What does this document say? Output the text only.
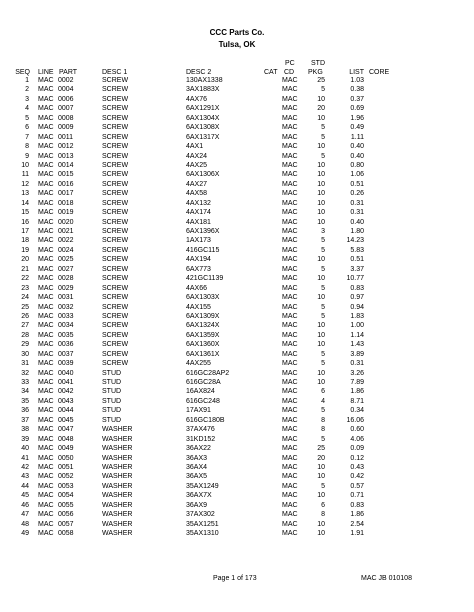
CCC Parts Co.
Tulsa, OK
PC STD
SEQ LINE PART	DESC 1	DESC 2	CAT CD PKG	LIST CORE
1 MAC 0002	SCREW	130AX1338	MAC	25	1.03
2 MAC 0004	SCREW	3AX1883X	MAC	5	0.38
3 MAC 0006	SCREW	4AX76	MAC	10	0.37
4 MAC 0007	SCREW	6AX1291X	MAC	20	0.69
5 MAC 0008	SCREW	6AX1304X	MAC	10	1.96
6 MAC 0009	SCREW	6AX1308X	MAC	5	0.49
7 MAC 0011	SCREW	6AX1317X	MAC	5	1.11
8 MAC 0012	SCREW	4AX1	MAC	10	0.40
9 MAC 0013	SCREW	4AX24	MAC	5	0.40
10 MAC 0014	SCREW	4AX25	MAC	10	0.80
11 MAC 0015	SCREW	6AX1306X	MAC	10	1.06
12 MAC 0016	SCREW	4AX27	MAC	10	0.51
13 MAC 0017	SCREW	4AX58	MAC	10	0.26
14 MAC 0018	SCREW	4AX132	MAC	10	0.31
15 MAC 0019	SCREW	4AX174	MAC	10	0.31
16 MAC 0020	SCREW	4AX181	MAC	10	0.40
17 MAC 0021	SCREW	6AX1396X	MAC	3	1.80
18 MAC 0022	SCREW	1AX173	MAC	5	14.23
19 MAC 0024	SCREW	416GC115	MAC	5	5.83
20 MAC 0025	SCREW	4AX194	MAC	10	0.51
21 MAC 0027	SCREW	6AX773	MAC	5	3.37
22 MAC 0028	SCREW	421GC1139	MAC	10	10.77
23 MAC 0029	SCREW	4AX66	MAC	5	0.83
24 MAC 0031	SCREW	6AX1303X	MAC	10	0.97
25 MAC 0032	SCREW	4AX155	MAC	5	0.94
26 MAC 0033	SCREW	6AX1309X	MAC	5	1.83
27 MAC 0034	SCREW	6AX1324X	MAC	10	1.00
28 MAC 0035	SCREW	6AX1359X	MAC	10	1.14
29 MAC 0036	SCREW	6AX1360X	MAC	10	1.43
30 MAC 0037	SCREW	6AX1361X	MAC	5	3.89
31 MAC 0039	SCREW	4AX255	MAC	5	0.31
32 MAC 0040	STUD	616GC28AP2	MAC	10	3.26
33 MAC 0041	STUD	616GC28A	MAC	10	7.89
34 MAC 0042	STUD	16AX824	MAC	6	1.86
35 MAC 0043	STUD	616GC248	MAC	4	8.71
36 MAC 0044	STUD	17AX91	MAC	5	0.34
37 MAC 0045	STUD	616GC180B	MAC	8	16.06
38 MAC 0047	WASHER	37AX476	MAC	8	0.60
39 MAC 0048	WASHER	31KD152	MAC	5	4.06
40 MAC 0049	WASHER	36AX22	MAC	25	0.09
41 MAC 0050	WASHER	36AX3	MAC	20	0.12
42 MAC 0051	WASHER	36AX4	MAC	10	0.43
43 MAC 0052	WASHER	36AX5	MAC	10	0.42
44 MAC 0053	WASHER	35AX1249	MAC	5	0.57
45 MAC 0054	WASHER	36AX7X	MAC	10	0.71
46 MAC 0055	WASHER	36AX9	MAC	6	0.83
47 MAC 0056	WASHER	37AX302	MAC	8	1.86
48 MAC 0057	WASHER	35AX1251	MAC	10	2.54
49 MAC 0058	WASHER	35AX1310	MAC	10	1.91
Page 1 of 173	MAC JB 010108
